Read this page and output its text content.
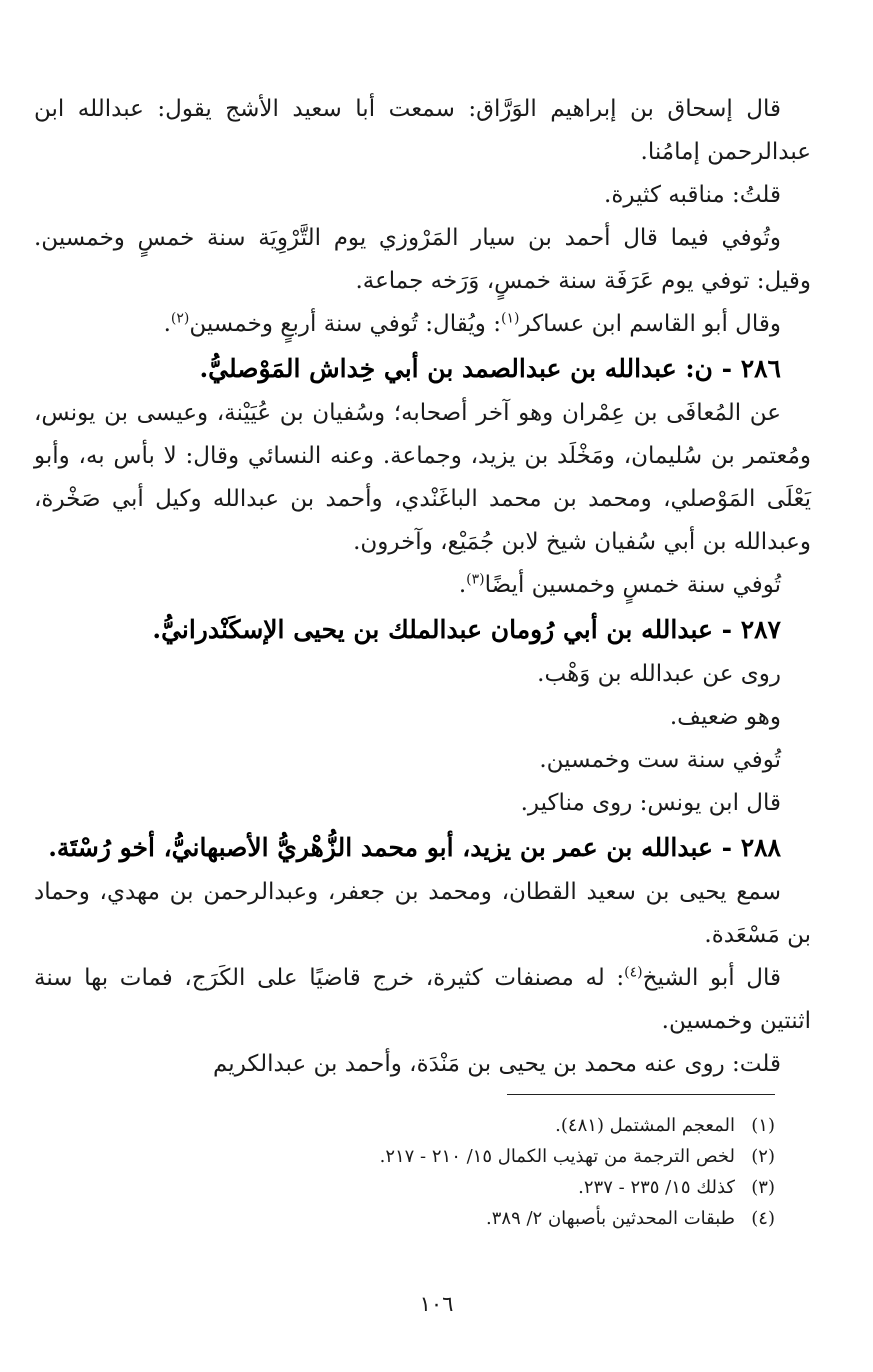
قال إسحاق بن إبراهيم الوَرَّاق: سمعت أبا سعيد الأشج يقول: عبدالله ابن عبدالرحمن إمامُنا.

قلتُ: مناقبه كثيرة.

وتُوفي فيما قال أحمد بن سيار المَرْوزي يوم التَّرْوِيَة سنة خمسٍ وخمسين. وقيل: توفي يوم عَرَفَة سنة خمسٍ، وَرَخه جماعة.

وقال أبو القاسم ابن عساكر$^{(١)}$: ويُقال: تُوفي سنة أربعٍ وخمسين$^{(٢)}$.

٢٨٦ - ن: عبدالله بن عبدالصمد بن أبي خِداش المَوْصليُّ.

عن المُعافَى بن عِمْران وهو آخر أصحابه؛ وسُفيان بن عُيَيْنة، وعيسى بن يونس، ومُعتمر بن سُليمان، ومَخْلَد بن يزيد، وجماعة. وعنه النسائي وقال: لا بأس به، وأبو يَعْلَى المَوْصلي، ومحمد بن محمد الباغَنْدي، وأحمد بن عبدالله وكيل أبي صَخْرة، وعبدالله بن أبي سُفيان شيخ لابن جُمَيْع، وآخرون.

تُوفي سنة خمسٍ وخمسين أيضًا$^{(٣)}$.

٢٨٧ - عبدالله بن أبي رُومان عبدالملك بن يحيى الإسكَنْدرانيُّ.

روى عن عبدالله بن وَهْب.

وهو ضعيف.

تُوفي سنة ست وخمسين.

قال ابن يونس: روى مناكير.

٢٨٨ - عبدالله بن عمر بن يزيد، أبو محمد الزُّهْريُّ الأصبهانيُّ، أخو رُسْتَة.

سمع يحيى بن سعيد القطان، ومحمد بن جعفر، وعبدالرحمن بن مهدي، وحماد بن مَسْعَدة.

قال أبو الشيخ$^{(٤)}$: له مصنفات كثيرة، خرج قاضيًا على الكَرَج، فمات بها سنة اثنتين وخمسين.

قلت: روى عنه محمد بن يحيى بن مَنْدَة، وأحمد بن عبدالكريم

(١)المعجم المشتمل (٤٨١).

(٢)لخص الترجمة من تهذيب الكمال ١٥/ ٢١٠ - ٢١٧.

(٣)كذلك ١٥/ ٢٣٥ - ٢٣٧.

(٤)طبقات المحدثين بأصبهان ٢/ ٣٨٩.

١٠٦
